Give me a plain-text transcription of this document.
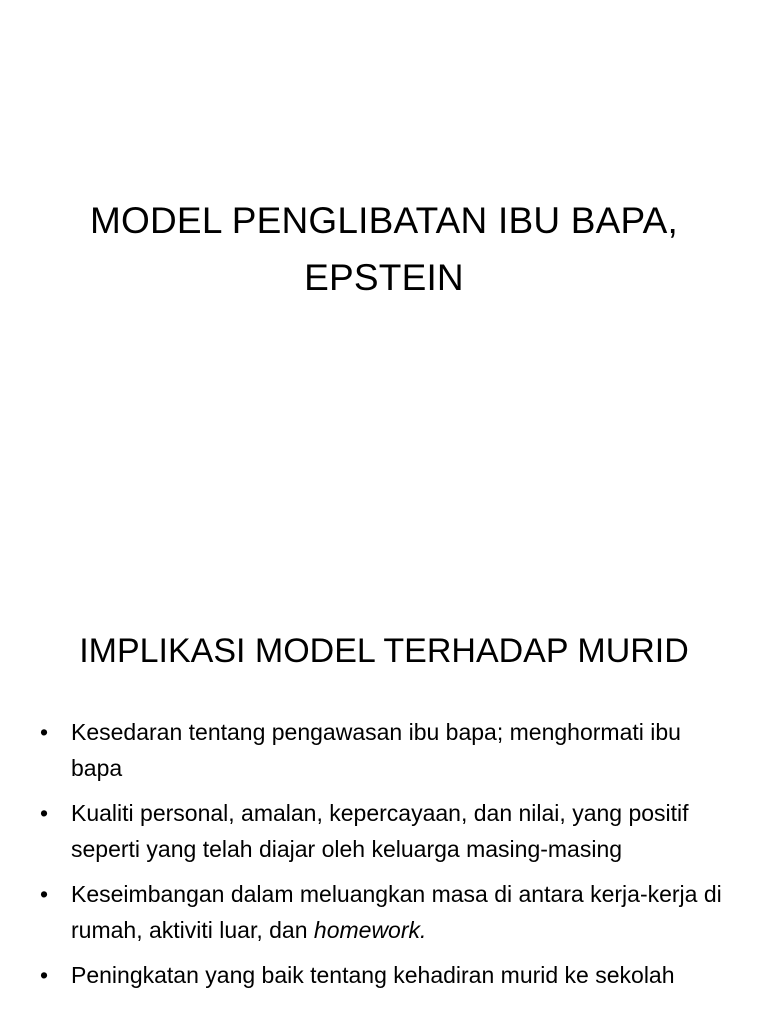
MODEL PENGLIBATAN IBU BAPA,
EPSTEIN
IMPLIKASI MODEL TERHADAP MURID
• Kesedaran tentang pengawasan ibu bapa; menghormati ibu bapa
• Kualiti personal, amalan, kepercayaan, dan nilai, yang positif seperti yang telah diajar oleh keluarga masing-masing
• Keseimbangan dalam meluangkan masa di antara kerja-kerja di rumah, aktiviti luar, dan homework.
• Peningkatan yang baik tentang kehadiran murid ke sekolah
